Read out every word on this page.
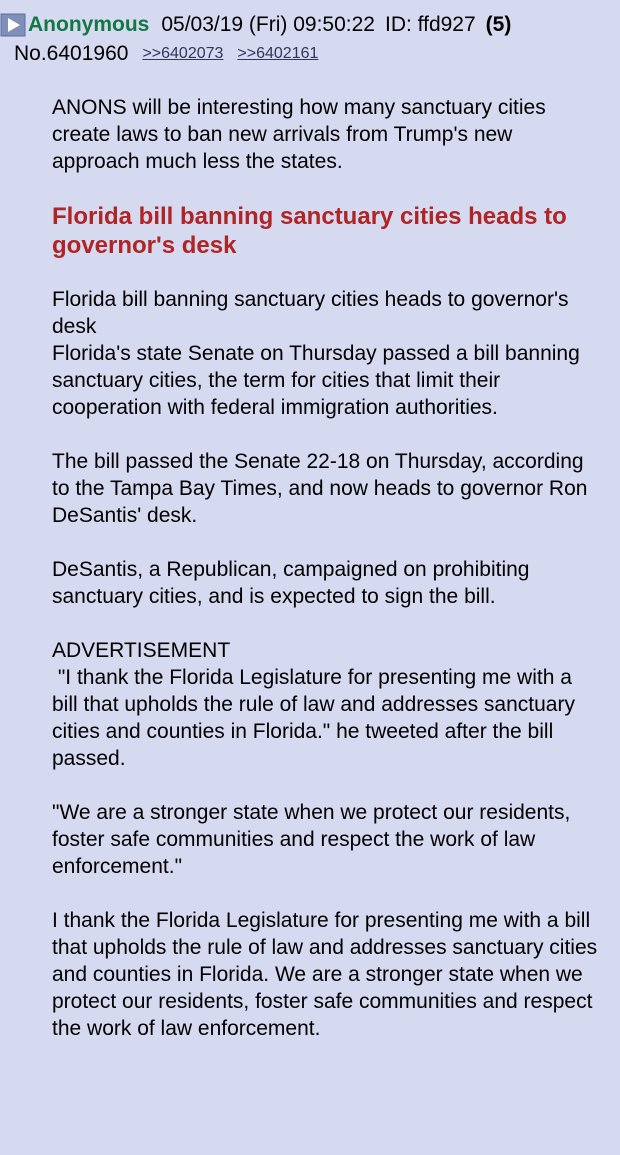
Anonymous 05/03/19 (Fri) 09:50:22 ID: ffd927 (5)
No.6401960 >>6402073 >>6402161

ANONS will be interesting how many sanctuary cities create laws to ban new arrivals from Trump's new approach much less the states.

Florida bill banning sanctuary cities heads to governor's desk

Florida bill banning sanctuary cities heads to governor's desk

Florida's state Senate on Thursday passed a bill banning sanctuary cities, the term for cities that limit their cooperation with federal immigration authorities.

The bill passed the Senate 22-18 on Thursday, according to the Tampa Bay Times, and now heads to governor Ron DeSantis' desk.

DeSantis, a Republican, campaigned on prohibiting sanctuary cities, and is expected to sign the bill.

ADVERTISEMENT

"I thank the Florida Legislature for presenting me with a bill that upholds the rule of law and addresses sanctuary cities and counties in Florida." he tweeted after the bill passed.

"We are a stronger state when we protect our residents, foster safe communities and respect the work of law enforcement."

I thank the Florida Legislature for presenting me with a bill that upholds the rule of law and addresses sanctuary cities and counties in Florida. We are a stronger state when we protect our residents, foster safe communities and respect the work of law enforcement.
